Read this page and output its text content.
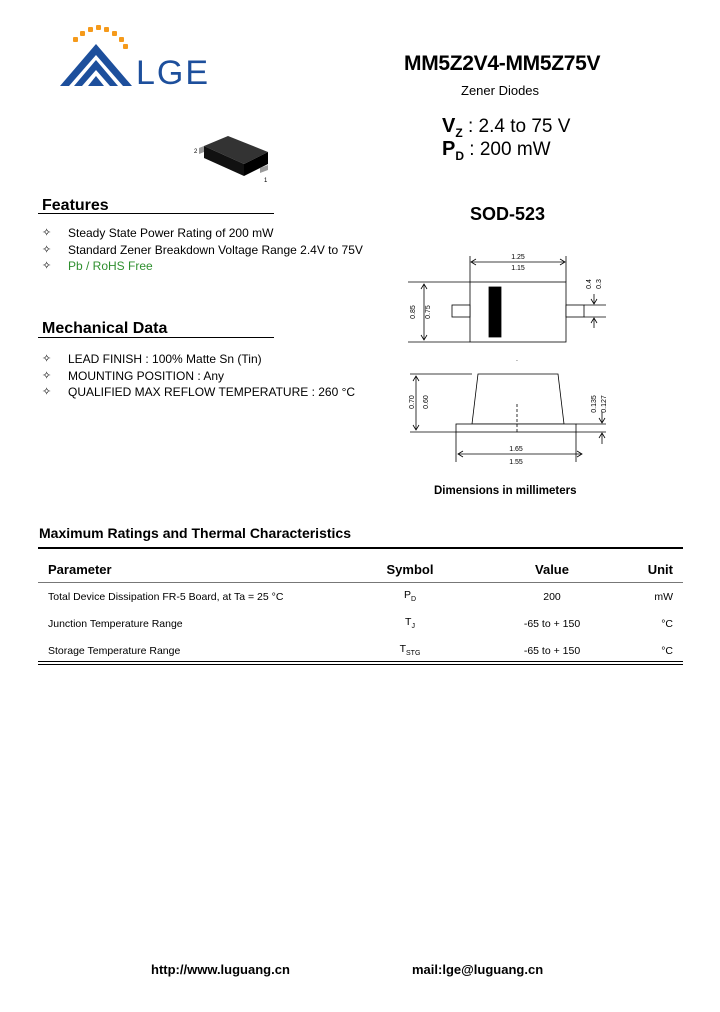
LGE	MM5Z2V4-MM5Z75V
Zener Diodes
$V_Z$ : 2.4 to 75 V
$P_D$ : 200 mW
2
1
Features
✧	Steady State Power Rating of 200 mW
✧	Standard Zener Breakdown Voltage Range 2.4V to 75V
✧	Pb / RoHS Free
Mechanical Data
✧	LEAD FINISH : 100% Matte Sn (Tin)
✧	MOUNTING POSITION : Any
✧	QUALIFIED MAX REFLOW TEMPERATURE : 260 °C
SOD-523
1.25
1.15
0.85 0.75
0.4 0.3
.
0.70 0.60	0.135 0.127
1.65
1.55
Dimensions in millimeters
Maximum Ratings and Thermal Characteristics
Parameter	Symbol	Value	Unit
Total Device Dissipation FR-5 Board, at Ta = 25 °C	$P_D$	200	mW
Junction Temperature Range	$T_J$	-65 to + 150	°C
Storage Temperature Range	$T_{STG}$	-65 to + 150	°C
http://www.luguang.cn	mail:lge@luguang.cn
